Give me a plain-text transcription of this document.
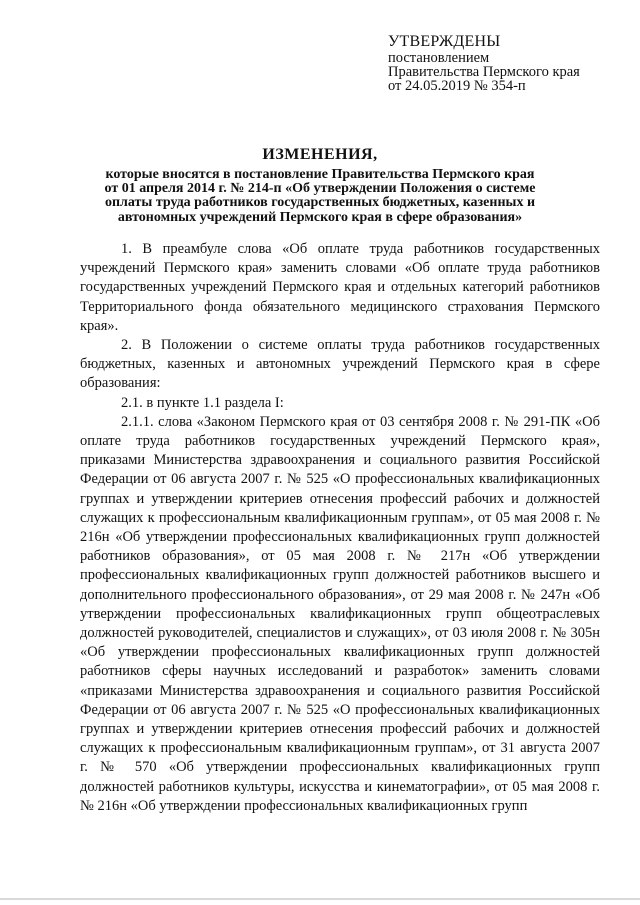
УТВЕРЖДЕНЫ
постановлением
Правительства Пермского края
от 24.05.2019 № 354-п
ИЗМЕНЕНИЯ,
которые вносятся в постановление Правительства Пермского края от 01 апреля 2014 г. № 214-п «Об утверждении Положения о системе оплаты труда работников государственных бюджетных, казенных и автономных учреждений Пермского края в сфере образования»

1. В преамбуле слова «Об оплате труда работников государственных учреждений Пермского края» заменить словами «Об оплате труда работников государственных учреждений Пермского края и отдельных категорий работников Территориального фонда обязательного медицинского страхования Пермского края».

2. В Положении о системе оплаты труда работников государственных бюджетных, казенных и автономных учреждений Пермского края в сфере образования:

2.1. в пункте 1.1 раздела I:

2.1.1. слова «Законом Пермского края от 03 сентября 2008 г. № 291-ПК «Об оплате труда работников государственных учреждений Пермского края», приказами Министерства здравоохранения и социального развития Российской Федерации от 06 августа 2007 г. № 525 «О профессиональных квалификационных группах и утверждении критериев отнесения профессий рабочих и должностей служащих к профессиональным квалификационным группам», от 05 мая 2008 г. № 216н «Об утверждении профессиональных квалификационных групп должностей работников образования», от 05 мая 2008 г. № 217н «Об утверждении профессиональных квалификационных групп должностей работников высшего и дополнительного профессионального образования», от 29 мая 2008 г. № 247н «Об утверждении профессиональных квалификационных групп общеотраслевых должностей руководителей, специалистов и служащих», от 03 июля 2008 г. № 305н «Об утверждении профессиональных квалификационных групп должностей работников сферы научных исследований и разработок» заменить словами «приказами Министерства здравоохранения и социального развития Российской Федерации от 06 августа 2007 г. № 525 «О профессиональных квалификационных группах и утверждении критериев отнесения профессий рабочих и должностей служащих к профессиональным квалификационным группам», от 31 августа 2007 г. № 570 «Об утверждении профессиональных квалификационных групп должностей работников культуры, искусства и кинематографии», от 05 мая 2008 г. № 216н «Об утверждении профессиональных квалификационных групп
